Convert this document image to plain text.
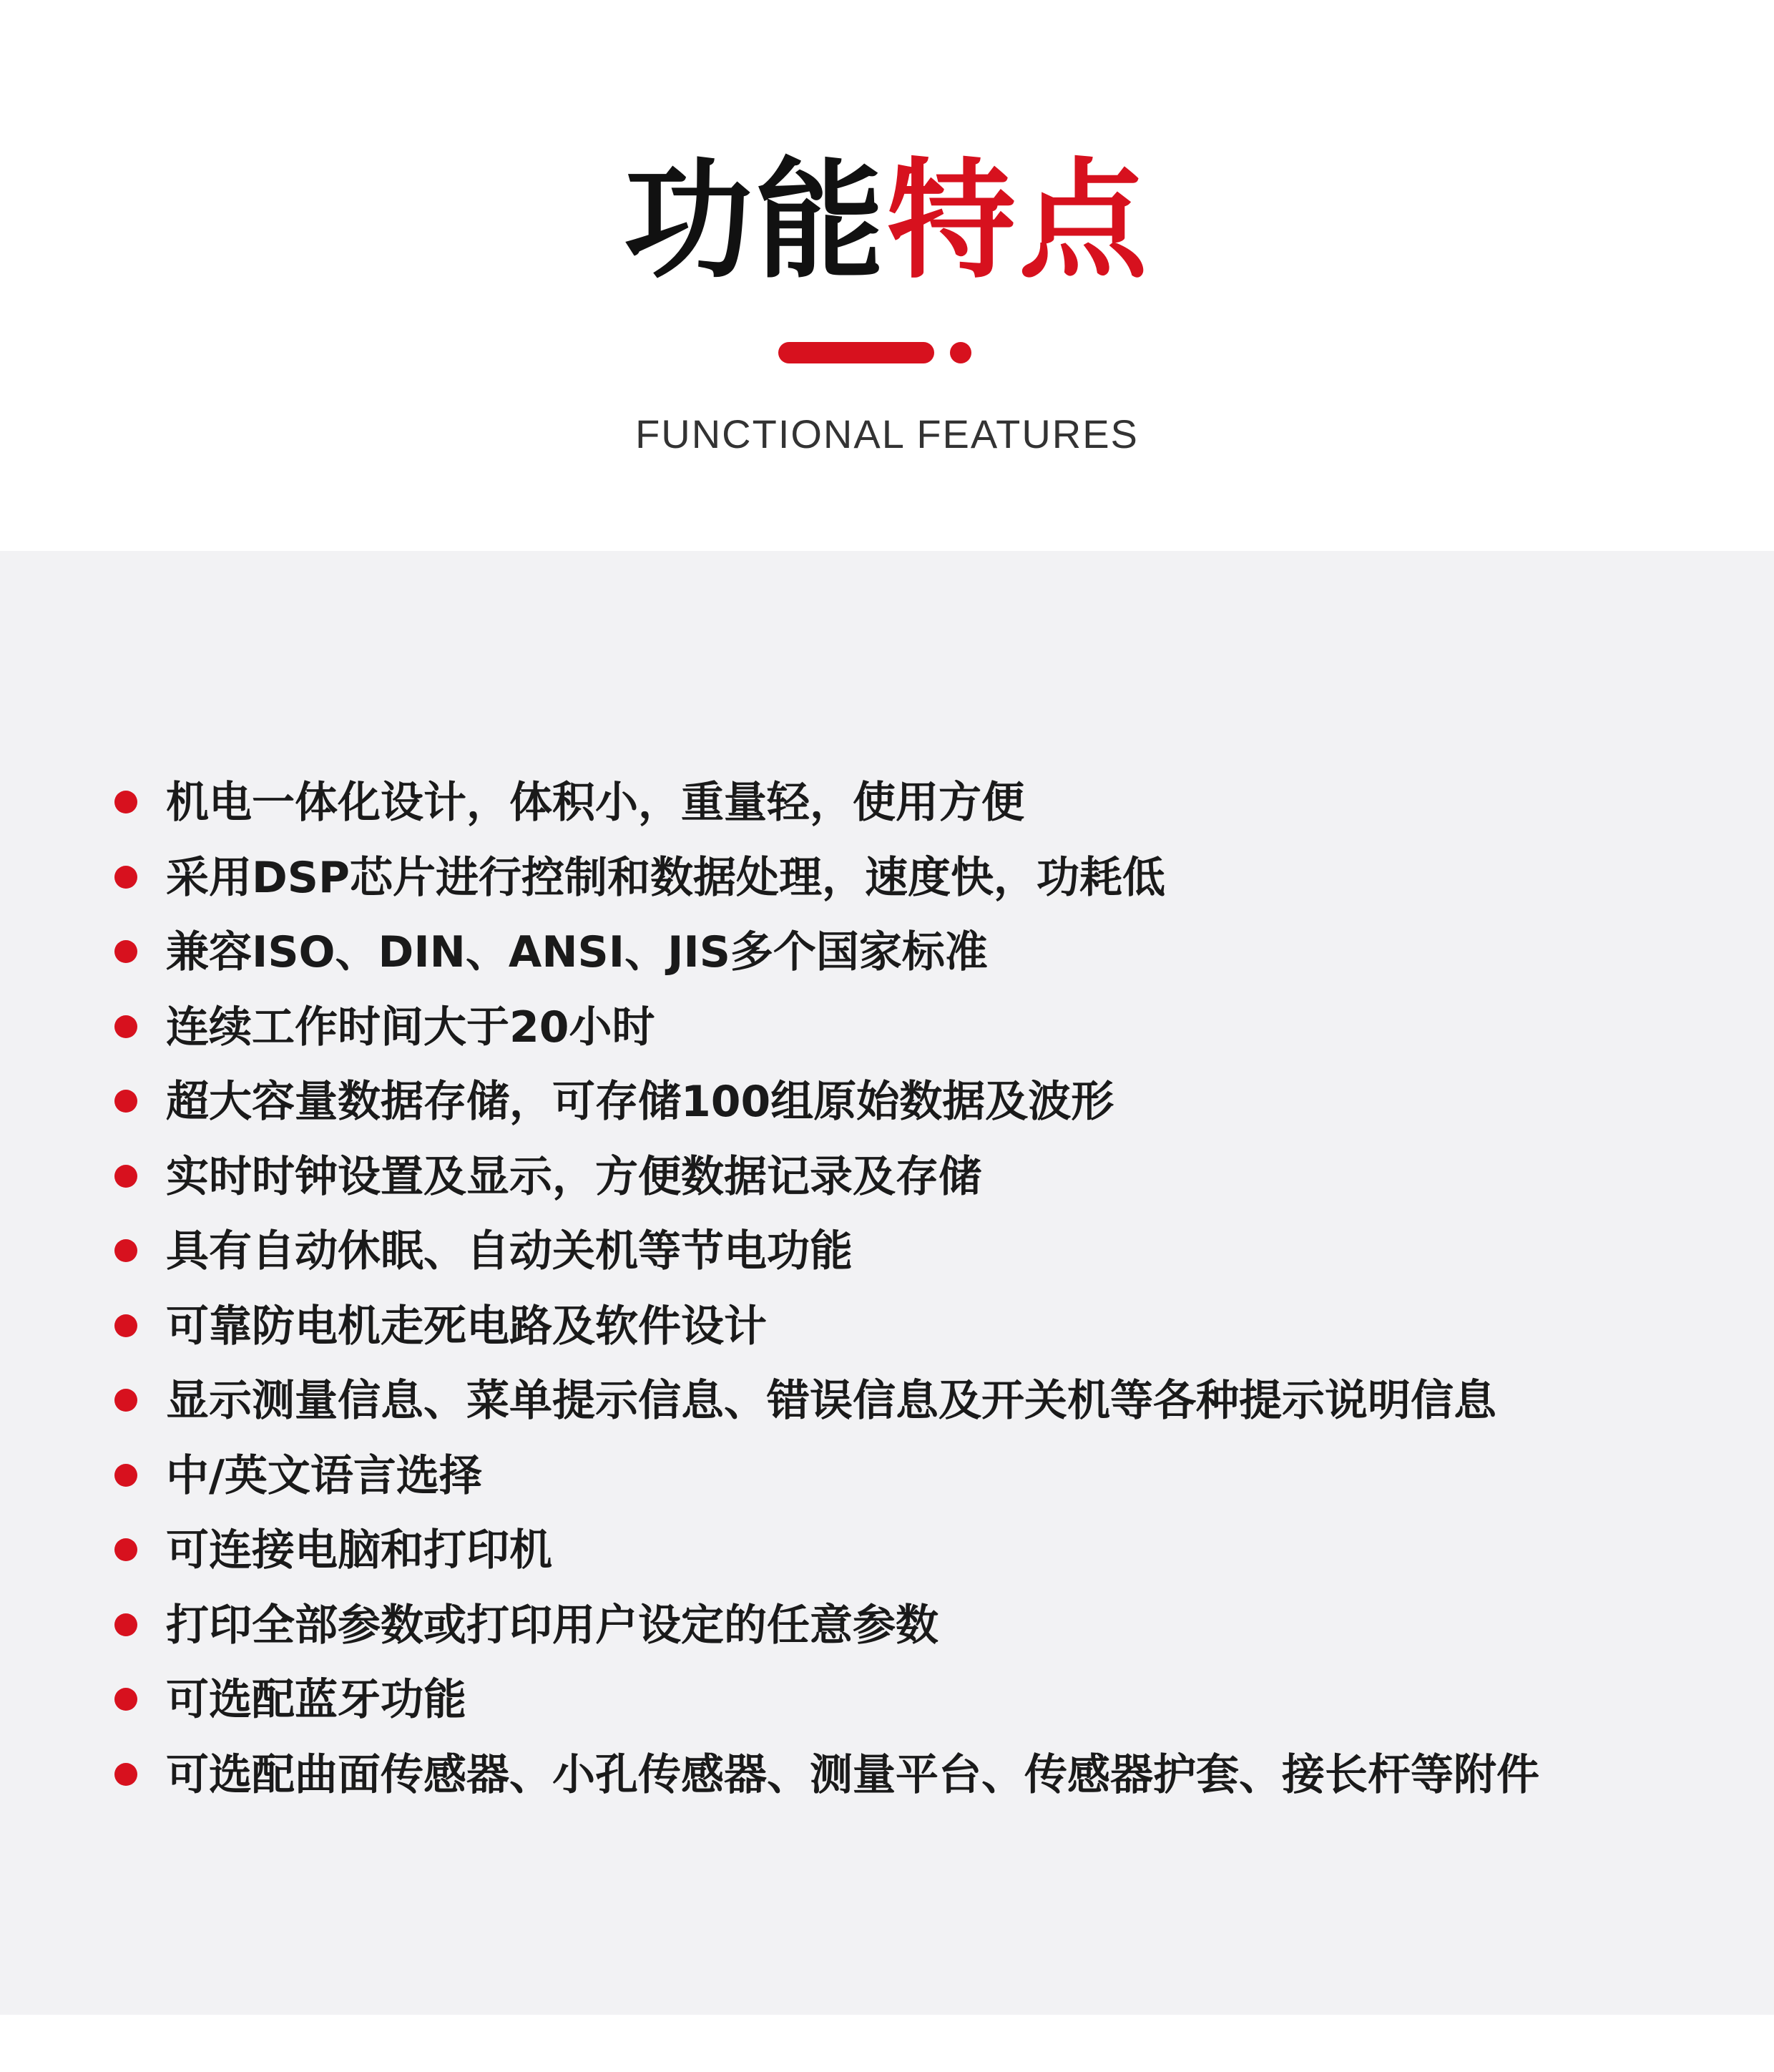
功能特点
FUNCTIONAL FEATURES
机电一体化设计，体积小，重量轻，使用方便
采用DSP芯片进行控制和数据处理，速度快，功耗低
兼容ISO、DIN、ANSI、JIS多个国家标准
连续工作时间大于20小时
超大容量数据存储，可存储100组原始数据及波形
实时时钟设置及显示，方便数据记录及存储
具有自动休眠、自动关机等节电功能
可靠防电机走死电路及软件设计
显示测量信息、菜单提示信息、错误信息及开关机等各种提示说明信息
中/英文语言选择
可连接电脑和打印机
打印全部参数或打印用户设定的任意参数
可选配蓝牙功能
可选配曲面传感器、小孔传感器、测量平台、传感器护套、接长杆等附件
